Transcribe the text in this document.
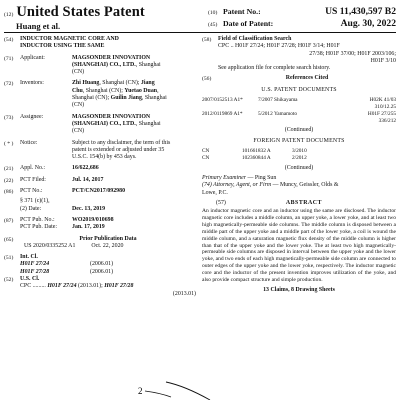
(12) United States Patent
Huang et al.
(10) Patent No.:	US 11,430,597 B2
(45) Date of Patent:	Aug. 30, 2022
(54)	INDUCTOR MAGNETIC CORE AND
INDUCTOR USING THE SAME
(71)	Applicant:	MAGSONDER INNOVATION
(SHANGHAI) CO., LTD., Shanghai
(CN)
(72)	Inventors:	Zhi Huang, Shanghai (CN); Jiang
Chu, Shanghai (CN); Yuetao Duan,
Shanghai (CN); Guilin Jiang, Shanghai
(CN)
(73)	Assignee:	MAGSONDER INNOVATION
(SHANGHAI) CO., LTD., Shanghai
(CN)
( * )	Notice:	Subject to any disclaimer, the term of this
patent is extended or adjusted under 35
U.S.C. 154(b) by 453 days.
(21)	Appl. No.:	16/622,686
(22)	PCT Filed:	Jul. 14, 2017
(86)	PCT No.:	PCT/CN2017/092980
§ 371 (c)(1),
(2) Date:	Dec. 13, 2019
(87)	PCT Pub. No.:	WO2019/010698
PCT Pub. Date:	Jan. 17, 2019
(65)	Prior Publication Data
US 2020/0335252 A1	Oct. 22, 2020
(51)	Int. Cl.
H01F 27/24	(2006.01)
H01F 27/28	(2006.01)
(52)	U.S. Cl.
CPC ......... H01F 27/24 (2013.01); H01F 27/28
(2013.01)
(58)	Field of Classification Search
CPC .. H01F 27/24; H01F 27/28; H01F 3/14; H01F
27/38; H01F 37/00; H01F 2003/106;
H01F 3/10
See application file for complete search history.
(56)	References Cited
U.S. PATENT DOCUMENTS
2007/0152513 A1*	7/2007 Shikayama	H02K 41/03
310/12.25
2012/0119869 A1*	5/2012 Yamamoto	H01F 27/255
336/212
(Continued)
FOREIGN PATENT DOCUMENTS
CN	101661832 A	3/2010
CN	102360844 A	2/2012
(Continued)
Primary Examiner — Ping Sun
(74) Attorney, Agent, or Firm — Muncy, Geissler, Olds &
Lowe, P.C.
(57)	ABSTRACT
An inductor magnetic core and an inductor using the same are disclosed. The inductor magnetic core includes a middle column, an upper yoke, a lower yoke, and at least two high magnetically-permeable side columns. The middle column is disposed between a middle part of the upper yoke and a middle part of the lower yoke, a coil is wound the middle column, and a saturation magnetic flux density of the middle column is higher than that of the upper yoke and the lower yoke. The at least two high magnetically-permeable side columns are disposed in interval between the upper yoke and the lower yoke, and two ends of each high magnetically-permeable side column are connected to outer edges of the upper yoke and the lower yoke, respectively. The inductor magnetic core and the inductor of the present invention improves utilization of the yoke, and also provide compact structure and simple production.
13 Claims, 8 Drawing Sheets
2
